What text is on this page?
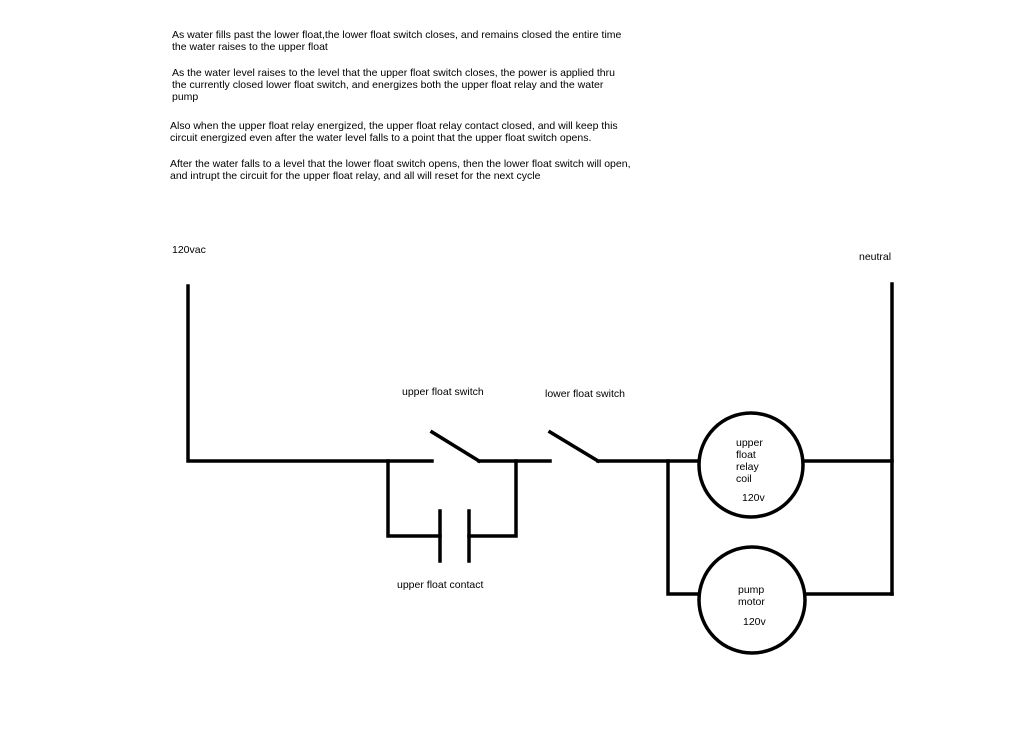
As water fills past the lower float,the lower float switch closes, and remains closed the entire time
the water raises to the upper float
As the water level raises to the level that the upper float switch closes, the power is applied thru
the currently closed lower float switch, and energizes both the upper float relay and the water
pump
Also when the upper float relay energized, the upper float relay contact closed, and will keep this
circuit energized even after the water level falls to a point that the upper float switch opens.
After the water falls to a level that the lower float switch opens, then the lower float switch will open,
and intrupt the circuit for the upper float relay, and all will reset for the next cycle
120vac
neutral
upper float switch	lower float switch
upper float contact
upper
float
relay
coil
120v
pump
motor
120v
